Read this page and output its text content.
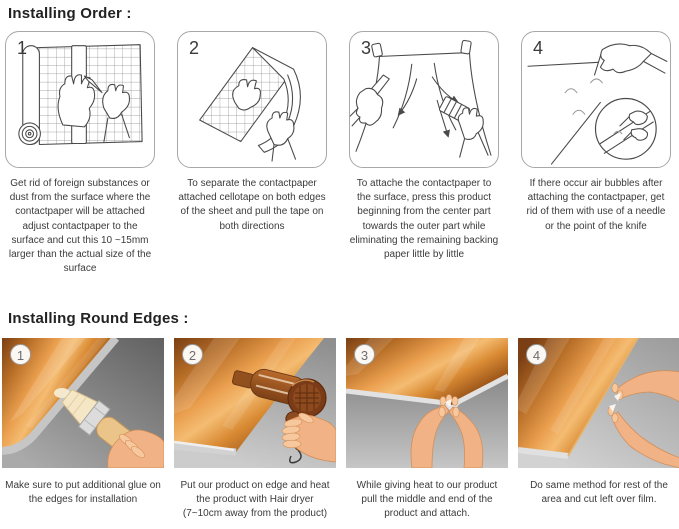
Installing Order :
1

Get rid of foreign substances or dust from the surface where the contactpaper will be attached adjust contactpaper to the surface and cut this 10 ~15mm larger than the actual size of the surface

2

To separate the contactpaper attached cellotape on both edges of the sheet and pull the tape on both directions

3

To attache the contactpaper to the surface, press this product beginning from the center part towards the outer part while eliminating the remaining backing paper little by little

4

If there occur air bubbles after attaching the contactpaper, get rid of them with use of a needle or the point of the knife

Installing Round Edges :
1

Make sure to put additional glue on the edges for installation

2

Put our product on edge and heat the product with Hair dryer (7~10cm away from the product)

3

While giving heat to our product pull the middle and end of the product and attach.

4

Do same method for rest of the area and cut left over film.
